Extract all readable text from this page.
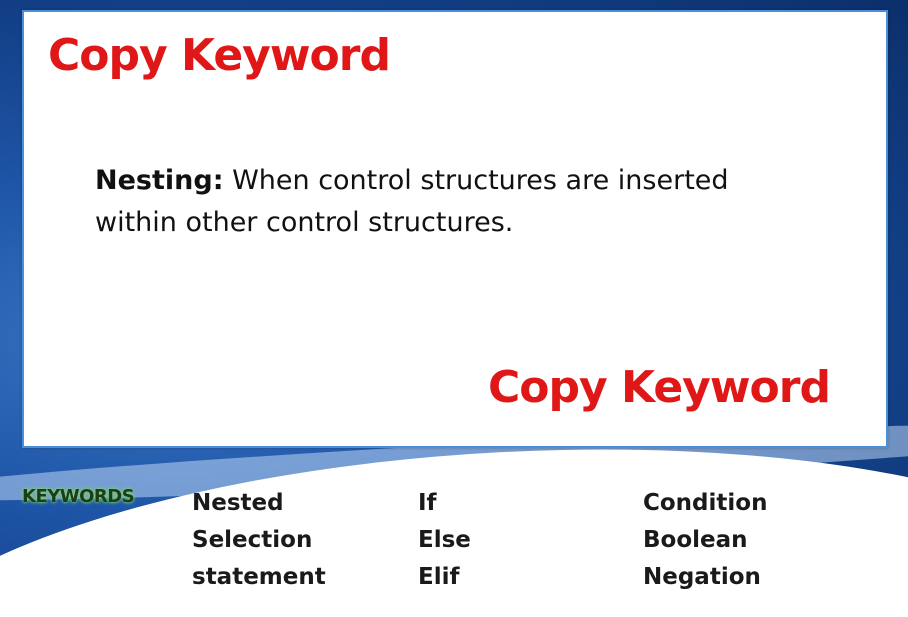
Copy Keyword
Nesting: When control structures are inserted within other control structures.
Copy Keyword
KEYWORDS	Nested
Selection statement
If
Else
Elif
Condition
Boolean
Negation
